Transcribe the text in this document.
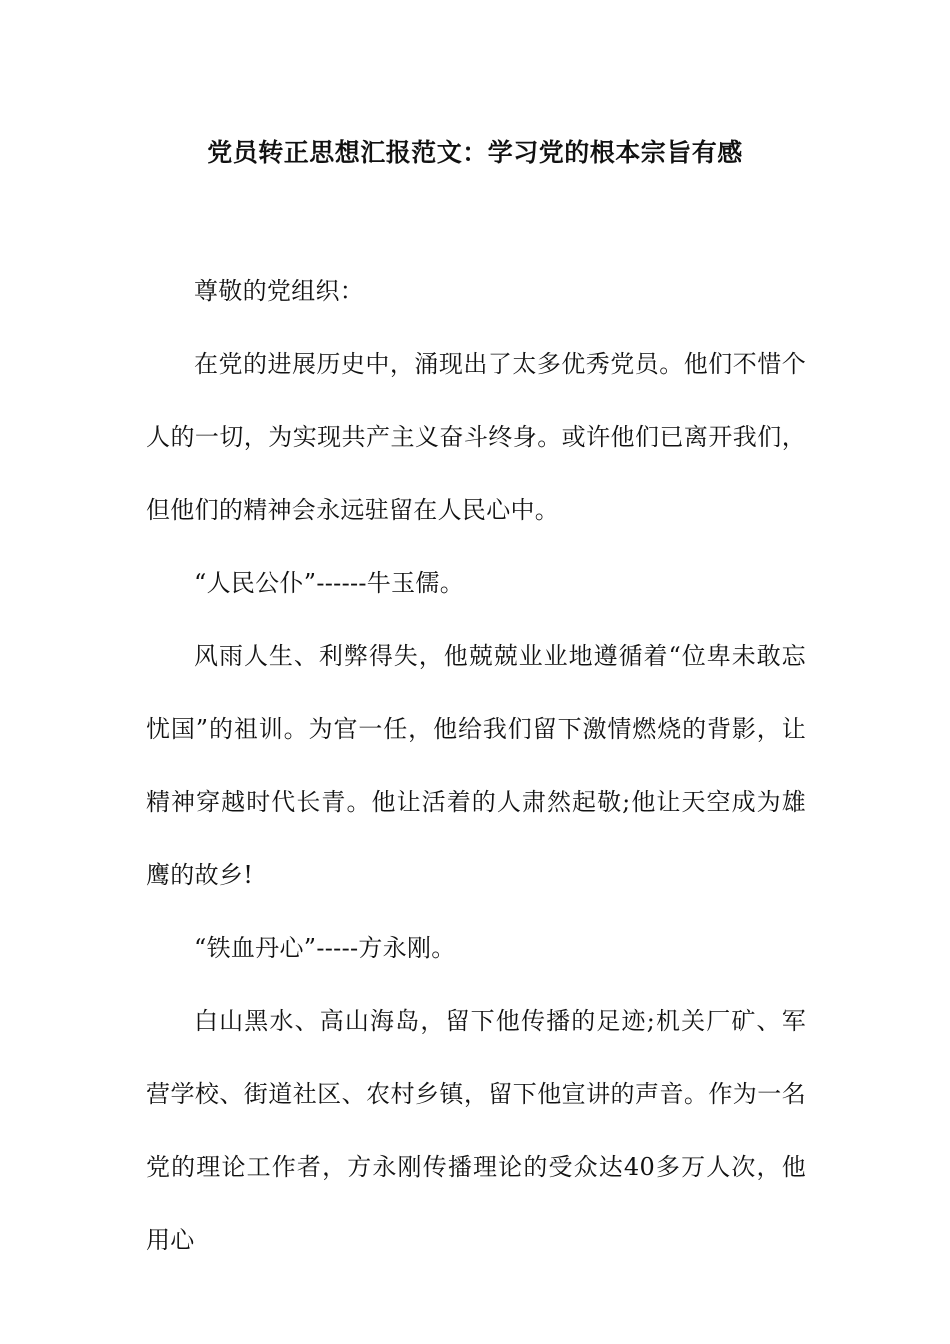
党员转正思想汇报范文：学习党的根本宗旨有感

尊敬的党组织：

在党的进展历史中，涌现出了太多优秀党员。他们不惜个人的一切，为实现共产主义奋斗终身。或许他们已离开我们，但他们的精神会永远驻留在人民心中。

“人民公仆”------牛玉儒。

风雨人生、利弊得失，他兢兢业业地遵循着“位卑未敢忘忧国”的祖训。为官一任，他给我们留下激情燃烧的背影，让精神穿越时代长青。他让活着的人肃然起敬;他让天空成为雄鹰的故乡!

“铁血丹心”-----方永刚。

白山黑水、高山海岛，留下他传播的足迹;机关厂矿、军营学校、街道社区、农村乡镇，留下他宣讲的声音。作为一名党的理论工作者，方永刚传播理论的受众达40多万人次，他用心
